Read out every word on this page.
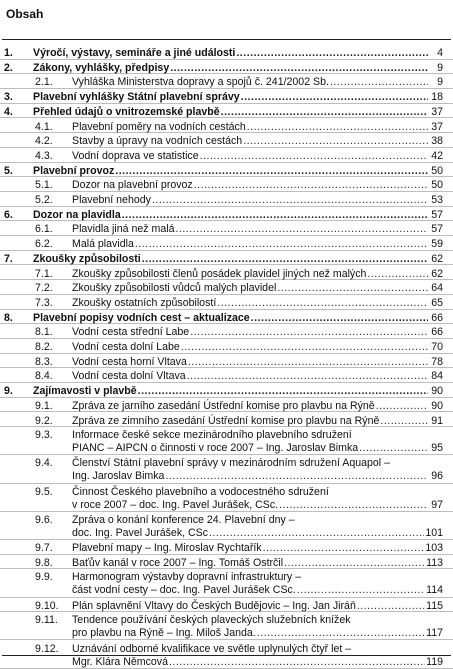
Obsah
1. Výročí, výstavy, semináře a jiné události .....	4
2. Zákony, vyhlášky, předpisy .....	9
2.1. Vyhláška Ministerstva dopravy a spojů č. 241/2002 Sb. .....	9
3. Plavební vyhlášky Státní plavební správy .....	18
4. Přehled údajů o vnitrozemské plavbě .....	37
4.1. Plavební poměry na vodních cestách .....	37
4.2. Stavby a úpravy na vodních cestách .....	38
4.3. Vodní doprava ve statistice .....	42
5. Plavební provoz .....	50
5.1. Dozor na plavební provoz .....	50
5.2. Plavební nehody .....	53
6. Dozor na plavidla .....	57
6.1. Plavidla jiná než malá .....	57
6.2. Malá plavidla .....	59
7. Zkoušky způsobilosti .....	62
7.1. Zkoušky způsobilosti členů posádek plavidel jiných než malých .....	62
7.2. Zkoušky způsobilosti vůdců malých plavidel .....	64
7.3. Zkoušky ostatních způsobilostí .....	65
8. Plavební popisy vodních cest – aktualizace .....	66
8.1. Vodní cesta střední Labe .....	66
8.2. Vodní cesta dolní Labe .....	70
8.3. Vodní cesta horní Vltava .....	78
8.4. Vodní cesta dolní Vltava .....	84
9. Zajímavosti v plavbě .....	90
9.1. Zpráva ze jarního zasedání Ústřední komise pro plavbu na Rýně .....	90
9.2. Zpráva ze zimního zasedání Ústřední komise pro plavbu na Rýně .....	91
9.3. Informace české sekce mezinárodního plavebního sdružení
PIANC – AIPCN o činnosti v roce 2007 – Ing. Jaroslav Bimka .....	95
9.4. Členství Státní plavební správy v mezinárodním sdružení Aquapol –
Ing. Jaroslav Bimka .....	96
9.5. Činnost Českého plavebního a vodocestného sdružení
v roce 2007 – doc. Ing. Pavel Jurášek, CSc. .....	97
9.6. Zpráva o konání konference 24. Plavební dny –
doc. Ing. Pavel Jurášek, CSc .....	101
9.7. Plavební mapy – Ing. Miroslav Rychtařík .....	103
9.8. Baťův kanál v roce 2007 – Ing. Tomáš Ostrčil .....	113
9.9. Harmonogram výstavby dopravní infrastruktury –
část vodní cesty – doc. Ing. Pavel Jurášek CSc. .....	114
9.10. Plán splavnění Vltavy do Českých Budějovic – Ing. Jan Jiráň .....	115
9.11. Tendence používání českých plaveckých služebních knížek
pro plavbu na Rýně – Ing. Miloš Janda. .....	117
9.12. Uznávání odborné kvalifikace ve světle uplynulých čtyř let –
Mgr. Klára Němcová .....	119
